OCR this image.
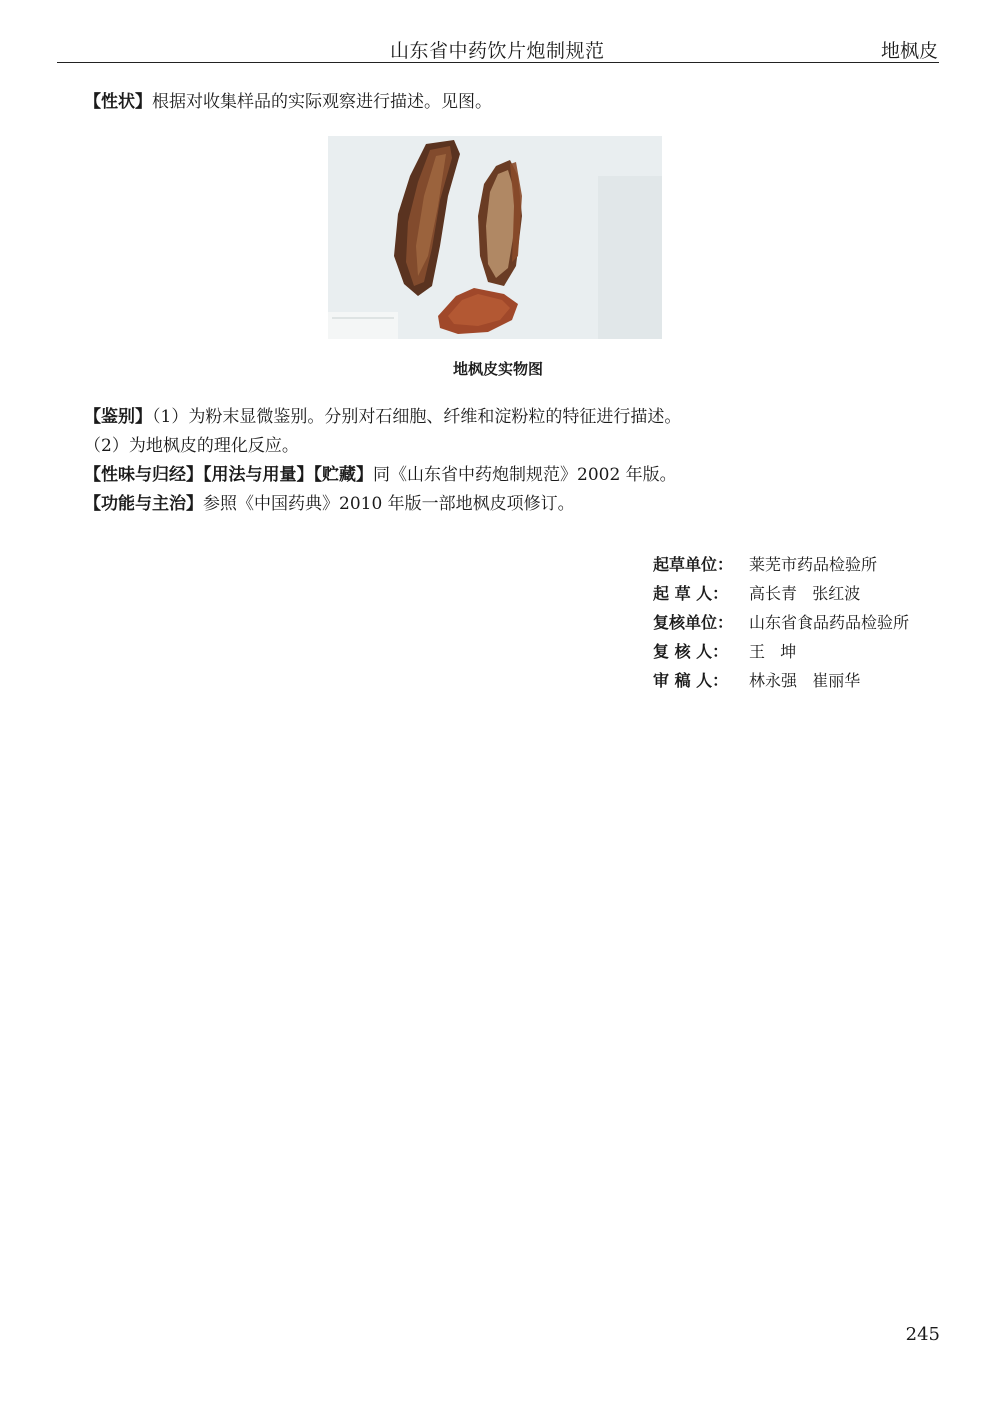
山东省中药饮片炮制规范	地枫皮
【性状】根据对收集样品的实际观察进行描述。见图。
地枫皮实物图
【鉴别】（1）为粉末显微鉴别。分别对石细胞、纤维和淀粉粒的特征进行描述。
（2）为地枫皮的理化反应。
【性味与归经】【用法与用量】【贮藏】同《山东省中药炮制规范》2002 年版。
【功能与主治】参照《中国药典》2010 年版一部地枫皮项修订。
起草单位： 莱芜市药品检验所
起 草 人： 高长青   张红波
复核单位： 山东省食品药品检验所
复 核 人： 王   坤
审 稿 人： 林永强   崔丽华
245
